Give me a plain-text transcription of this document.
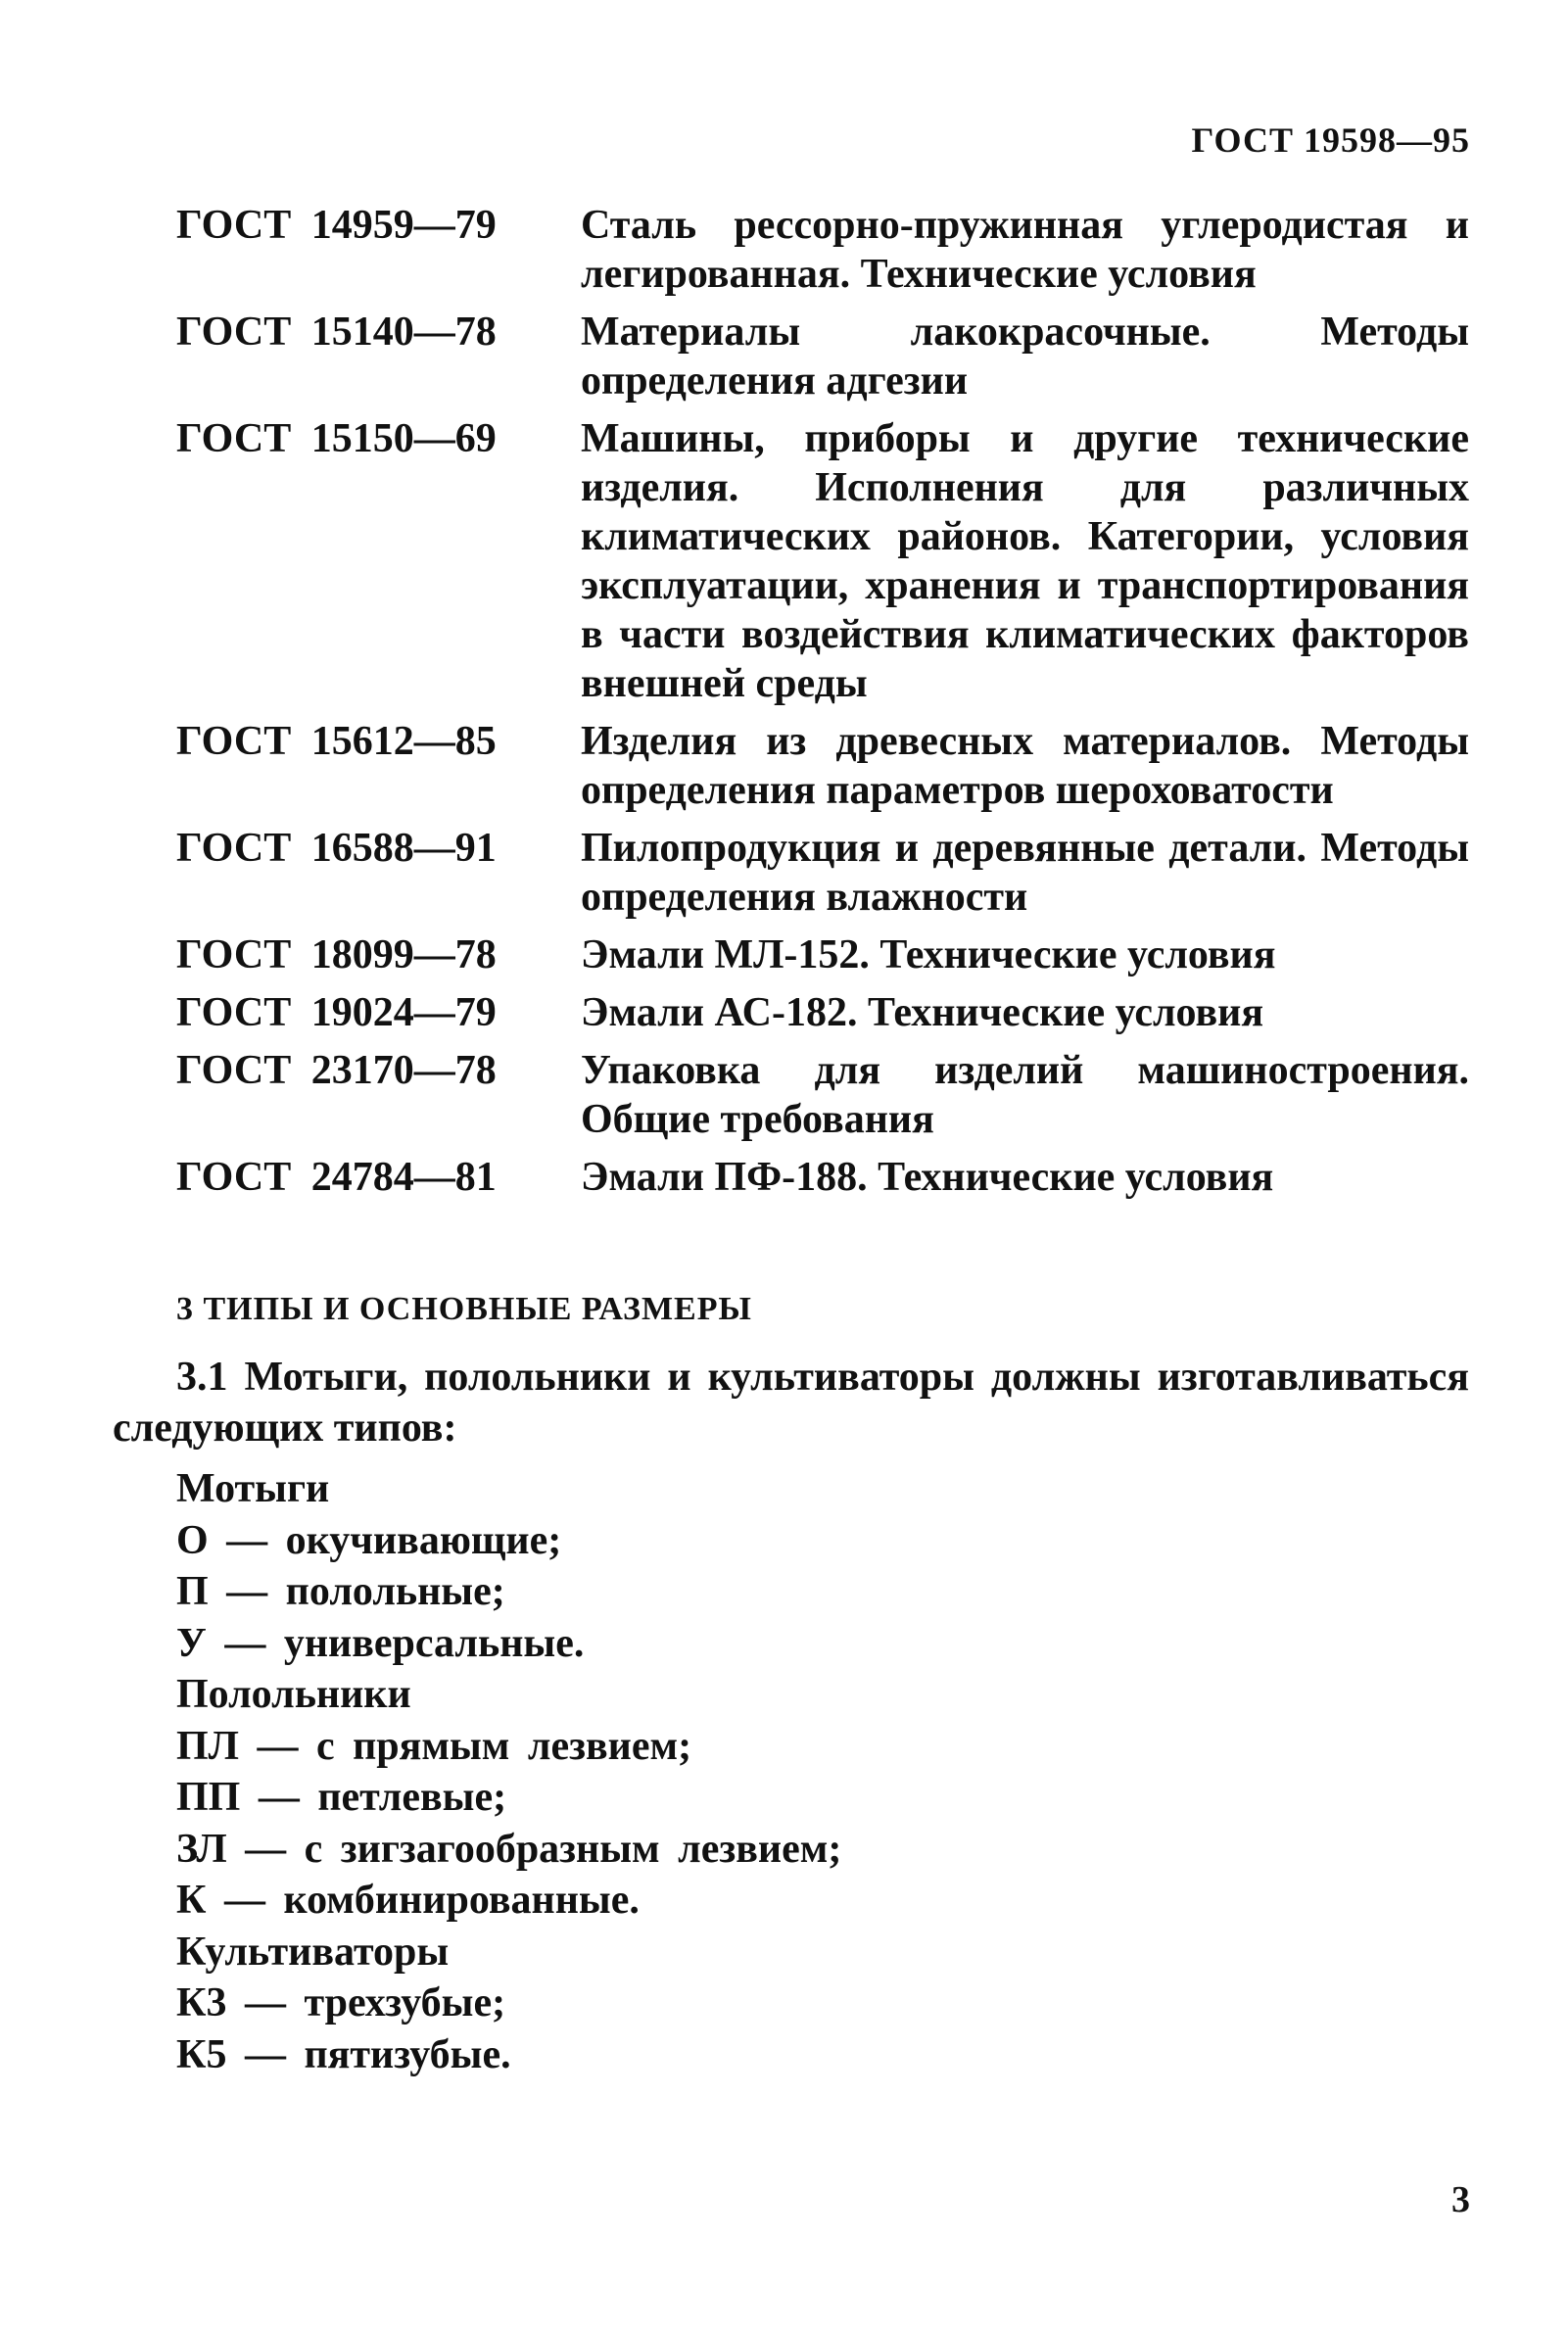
ГОСТ 19598—95
ГОСТ 14959—79	Сталь рессорно-пружинная углеродистая и легированная. Технические условия
ГОСТ 15140—78	Материалы лакокрасочные. Методы определения адгезии
ГОСТ 15150—69	Машины, приборы и другие технические изделия. Исполнения для различных климатических районов. Категории, условия эксплуатации, хранения и транспортирования в части воздействия климатических факторов внешней среды
ГОСТ 15612—85	Изделия из древесных материалов. Методы определения параметров шероховатости
ГОСТ 16588—91	Пилопродукция и деревянные детали. Методы определения влажности
ГОСТ 18099—78	Эмали МЛ-152. Технические условия
ГОСТ 19024—79	Эмали АС-182. Технические условия
ГОСТ 23170—78	Упаковка для изделий машиностроения. Общие требования
ГОСТ 24784—81	Эмали ПФ-188. Технические условия
3 ТИПЫ И ОСНОВНЫЕ РАЗМЕРЫ
3.1 Мотыги, полольники и культиваторы должны изготавливаться следующих типов:
Мотыги
О — окучивающие;
П — полольные;
У — универсальные.
Полольники
ПЛ — с прямым лезвием;
ПП — петлевые;
ЗЛ — с зигзагообразным лезвием;
К — комбинированные.
Культиваторы
К3 — трехзубые;
К5 — пятизубые.
3
